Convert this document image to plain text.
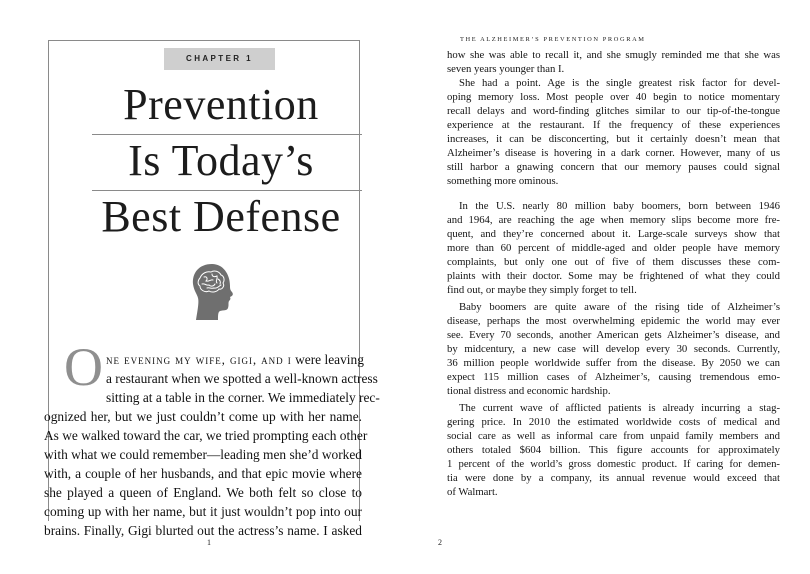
CHAPTER 1
Prevention
Is Today’s
Best Defense
O ne evening my wife, gigi, and i were leaving
a restaurant when we spotted a well-known actress
sitting at a table in the corner. We immediately rec-
ognized her, but we just couldn’t come up with her name.
As we walked toward the car, we tried prompting each other
with what we could remember—leading men she’d worked
with, a couple of her husbands, and that epic movie where
she played a queen of England. We both felt so close to
coming up with her name, but it just wouldn’t pop into our
brains. Finally, Gigi blurted out the actress’s name. I asked
1
THE ALZHEIMER’S PREVENTION PROGRAM
how she was able to recall it, and she smugly reminded me that she was
seven years younger than I.
She had a point. Age is the single greatest risk factor for devel-
oping memory loss. Most people over 40 begin to notice momentary
recall delays and word-finding glitches similar to our tip-of-the-tongue
experience at the restaurant. If the frequency of these experiences
increases, it can be disconcerting, but it certainly doesn’t mean that
Alzheimer’s disease is hovering in a dark corner. However, many of us
still harbor a gnawing concern that our memory pauses could signal
something more ominous.
In the U.S. nearly 80 million baby boomers, born between 1946
and 1964, are reaching the age when memory slips become more fre-
quent, and they’re concerned about it. Large-scale surveys show that
more than 60 percent of middle-aged and older people have memory
complaints, but only one out of five of them discusses these com-
plaints with their doctor. Some may be frightened of what they could
find out, or maybe they simply forget to tell.
Baby boomers are quite aware of the rising tide of Alzheimer’s
disease, perhaps the most overwhelming epidemic the world may ever
see. Every 70 seconds, another American gets Alzheimer’s disease, and
by midcentury, a new case will develop every 30 seconds. Currently,
36 million people worldwide suffer from the disease. By 2050 we can
expect 115 million cases of Alzheimer’s, causing tremendous emo-
tional distress and economic hardship.
The current wave of afflicted patients is already incurring a stag-
gering price. In 2010 the estimated worldwide costs of medical and
social care as well as informal care from unpaid family members and
others totaled $604 billion. This figure accounts for approximately
1 percent of the world’s gross domestic product. If caring for demen-
tia were done by a company, its annual revenue would exceed that
of Walmart.
2
